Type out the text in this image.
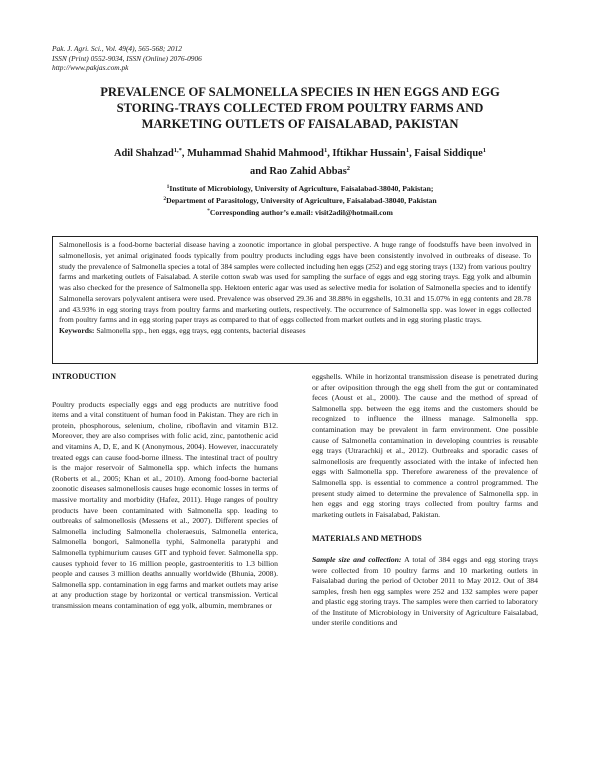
Pak. J. Agri. Sci., Vol. 49(4), 565-568; 2012
ISSN (Print) 0552-9034, ISSN (Online) 2076-0906
http://www.pakjas.com.pk
PREVALENCE OF SALMONELLA SPECIES IN HEN EGGS AND EGG
STORING-TRAYS COLLECTED FROM POULTRY FARMS AND
MARKETING OUTLETS OF FAISALABAD, PAKISTAN
Adil Shahzad$^{1,*}$, Muhammad Shahid Mahmood$^1$, Iftikhar Hussain$^1$, Faisal Siddique$^1$
and Rao Zahid Abbas$^2$
$^1$Institute of Microbiology, University of Agriculture, Faisalabad-38040, Pakistan;
$^2$Department of Parasitology, University of Agriculture, Faisalabad-38040, Pakistan
*Corresponding author’s e.mail: visit2adil@hotmail.com
Salmonellosis is a food-borne bacterial disease having a zoonotic importance in global perspective. A huge range of foodstuffs have been involved in salmonellosis, yet animal originated foods typically from poultry products including eggs have been consistently involved in outbreaks of disease. To study the prevalence of Salmonella species a total of 384 samples were collected including hen eggs (252) and egg storing trays (132) from various poultry farms and marketing outlets of Faisalabad. A sterile cotton swab was used for sampling the surface of eggs and egg storing trays. Egg yolk and albumin was also checked for the presence of Salmonella spp. Hektoen enteric agar was used as selective media for isolation of Salmonella species and to identify Salmonella serovars polyvalent antisera were used. Prevalence was observed 29.36 and 38.88% in eggshells, 10.31 and 15.07% in egg contents and 28.78 and 43.93% in egg storing trays from poultry farms and marketing outlets, respectively. The occurrence of Salmonella spp. was lower in eggs collected from poultry farms and in egg storing paper trays as compared to that of eggs collected from market outlets and in egg storing plastic trays.
Keywords: Salmonella spp., hen eggs, egg trays, egg contents, bacterial diseases
INTRODUCTION

Poultry products especially eggs and egg products are nutritive food items and a vital constituent of human food in Pakistan. They are rich in protein, phosphorous, selenium, choline, riboflavin and vitamin B12. Moreover, they are also comprises with folic acid, zinc, pantothenic acid and vitamins A, D, E, and K (Anonymous, 2004). However, inaccurately treated eggs can cause food-borne illness. The intestinal tract of poultry is the major reservoir of Salmonella spp. which infects the humans (Roberts et al., 2005; Khan et al., 2010). Among food-borne bacterial zoonotic diseases salmonellosis causes huge economic losses in terms of massive mortality and morbidity (Hafez, 2011). Huge ranges of poultry products have been contaminated with Salmonella spp. leading to outbreaks of salmonellosis (Messens et al., 2007). Different species of Salmonella including Salmonella choleraesuis, Salmonella enterica, Salmonella bongori, Salmonella typhi, Salmonella paratyphi and Salmonella typhimurium causes GIT and typhoid fever. Salmonella spp. causes typhoid fever to 16 million people, gastroenteritis to 1.3 billion people and causes 3 million deaths annually worldwide (Bhunia, 2008). Salmonella spp. contamination in egg farms and market outlets may arise at any production stage by horizontal or vertical transmission. Vertical transmission means contamination of egg yolk, albumin, membranes or

eggshells. While in horizontal transmission disease is penetrated during or after oviposition through the egg shell from the gut or contaminated feces (Aoust et al., 2000). The cause and the method of spread of Salmonella spp. between the egg items and the customers should be recognized to influence the illness manage. Salmonella spp. contamination may be prevalent in farm environment. One possible cause of Salmonella contamination in developing countries is reusable egg trays (Utrarachkij et al., 2012). Outbreaks and sporadic cases of salmonellosis are frequently associated with the intake of infected hen eggs with Salmonella spp. Therefore awareness of the prevalence of Salmonella spp. is essential to commence a control programmed. The present study aimed to determine the prevalence of Salmonella spp. in hen eggs and egg storing trays collected from poultry farms and marketing outlets in Faisalabad, Pakistan.

MATERIALS AND METHODS

Sample size and collection: A total of 384 eggs and egg storing trays were collected from 10 poultry farms and 10 marketing outlets in Faisalabad during the period of October 2011 to May 2012. Out of 384 samples, fresh hen egg samples were 252 and 132 samples were paper and plastic egg storing trays. The samples were then carried to laboratory of the Institute of Microbiology in University of Agriculture Faisalabad, under sterile conditions and
